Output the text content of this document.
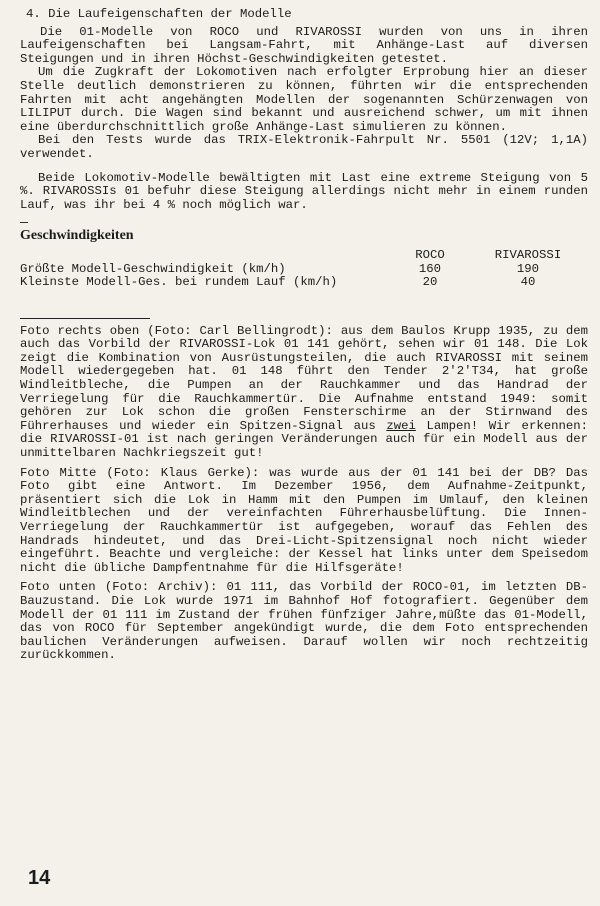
4. Die Laufeigenschaften der Modelle

Die 01-Modelle von ROCO und RIVAROSSI wurden von uns in ihren Laufeigenschaften bei Langsam-Fahrt, mit Anhänge-Last auf diversen Steigungen und in ihren Höchst-Geschwindigkeiten getestet.

Um die Zugkraft der Lokomotiven nach erfolgter Erprobung hier an dieser Stelle deutlich demonstrieren zu können, führten wir die entsprechenden Fahrten mit acht angehängten Modellen der sogenannten Schürzenwagen von LILIPUT durch. Die Wagen sind bekannt und ausreichend schwer, um mit ihnen eine überdurchschnittlich große Anhänge-Last simulieren zu können.

Bei den Tests wurde das TRIX-Elektronik-Fahrpult Nr. 5501 (12V; 1,1A) verwendet.

Beide Lokomotiv-Modelle bewältigten mit Last eine extreme Steigung von 5 %. RIVAROSSIs 01 befuhr diese Steigung allerdings nicht mehr in einem runden Lauf, was ihr bei 4 % noch möglich war.

Geschwindigkeiten
	ROCO	RIVAROSSI
Größte Modell-Geschwindigkeit (km/h)	160	190
Kleinste Modell-Ges. bei rundem Lauf (km/h)	20	40

Foto rechts oben (Foto: Carl Bellingrodt): aus dem Baulos Krupp 1935, zu dem auch das Vorbild der RIVAROSSI-Lok 01 141 gehört, sehen wir 01 148. Die Lok zeigt die Kombination von Ausrüstungsteilen, die auch RIVAROSSI mit seinem Modell wiedergegeben hat. 01 148 führt den Tender 2'2'T34, hat große Windleitbleche, die Pumpen an der Rauchkammer und das Handrad der Verriegelung für die Rauchkammertür. Die Aufnahme entstand 1949: somit gehören zur Lok schon die großen Fensterschirme an der Stirnwand des Führerhauses und wieder ein Spitzen-Signal aus zwei Lampen! Wir erkennen: die RIVAROSSI-01 ist nach geringen Veränderungen auch für ein Modell aus der unmittelbaren Nachkriegszeit gut!

Foto Mitte (Foto: Klaus Gerke): was wurde aus der 01 141 bei der DB? Das Foto gibt eine Antwort. Im Dezember 1956, dem Aufnahme-Zeitpunkt, präsentiert sich die Lok in Hamm mit den Pumpen im Umlauf, den kleinen Windleitblechen und der vereinfachten Führerhausbelüftung. Die Innen-Verriegelung der Rauchkammertür ist aufgegeben, worauf das Fehlen des Handrads hindeutet, und das Drei-Licht-Spitzensignal noch nicht wieder eingeführt. Beachte und vergleiche: der Kessel hat links unter dem Speisedom nicht die übliche Dampfentnahme für die Hilfsgeräte!

Foto unten (Foto: Archiv): 01 111, das Vorbild der ROCO-01, im letzten DB-Bauzustand. Die Lok wurde 1971 im Bahnhof Hof fotografiert. Gegenüber dem Modell der 01 111 im Zustand der frühen fünfziger Jahre,müßte das 01-Modell, das von ROCO für September angekündigt wurde, die dem Foto entsprechenden baulichen Veränderungen aufweisen. Darauf wollen wir noch rechtzeitig zurückkommen.

14
